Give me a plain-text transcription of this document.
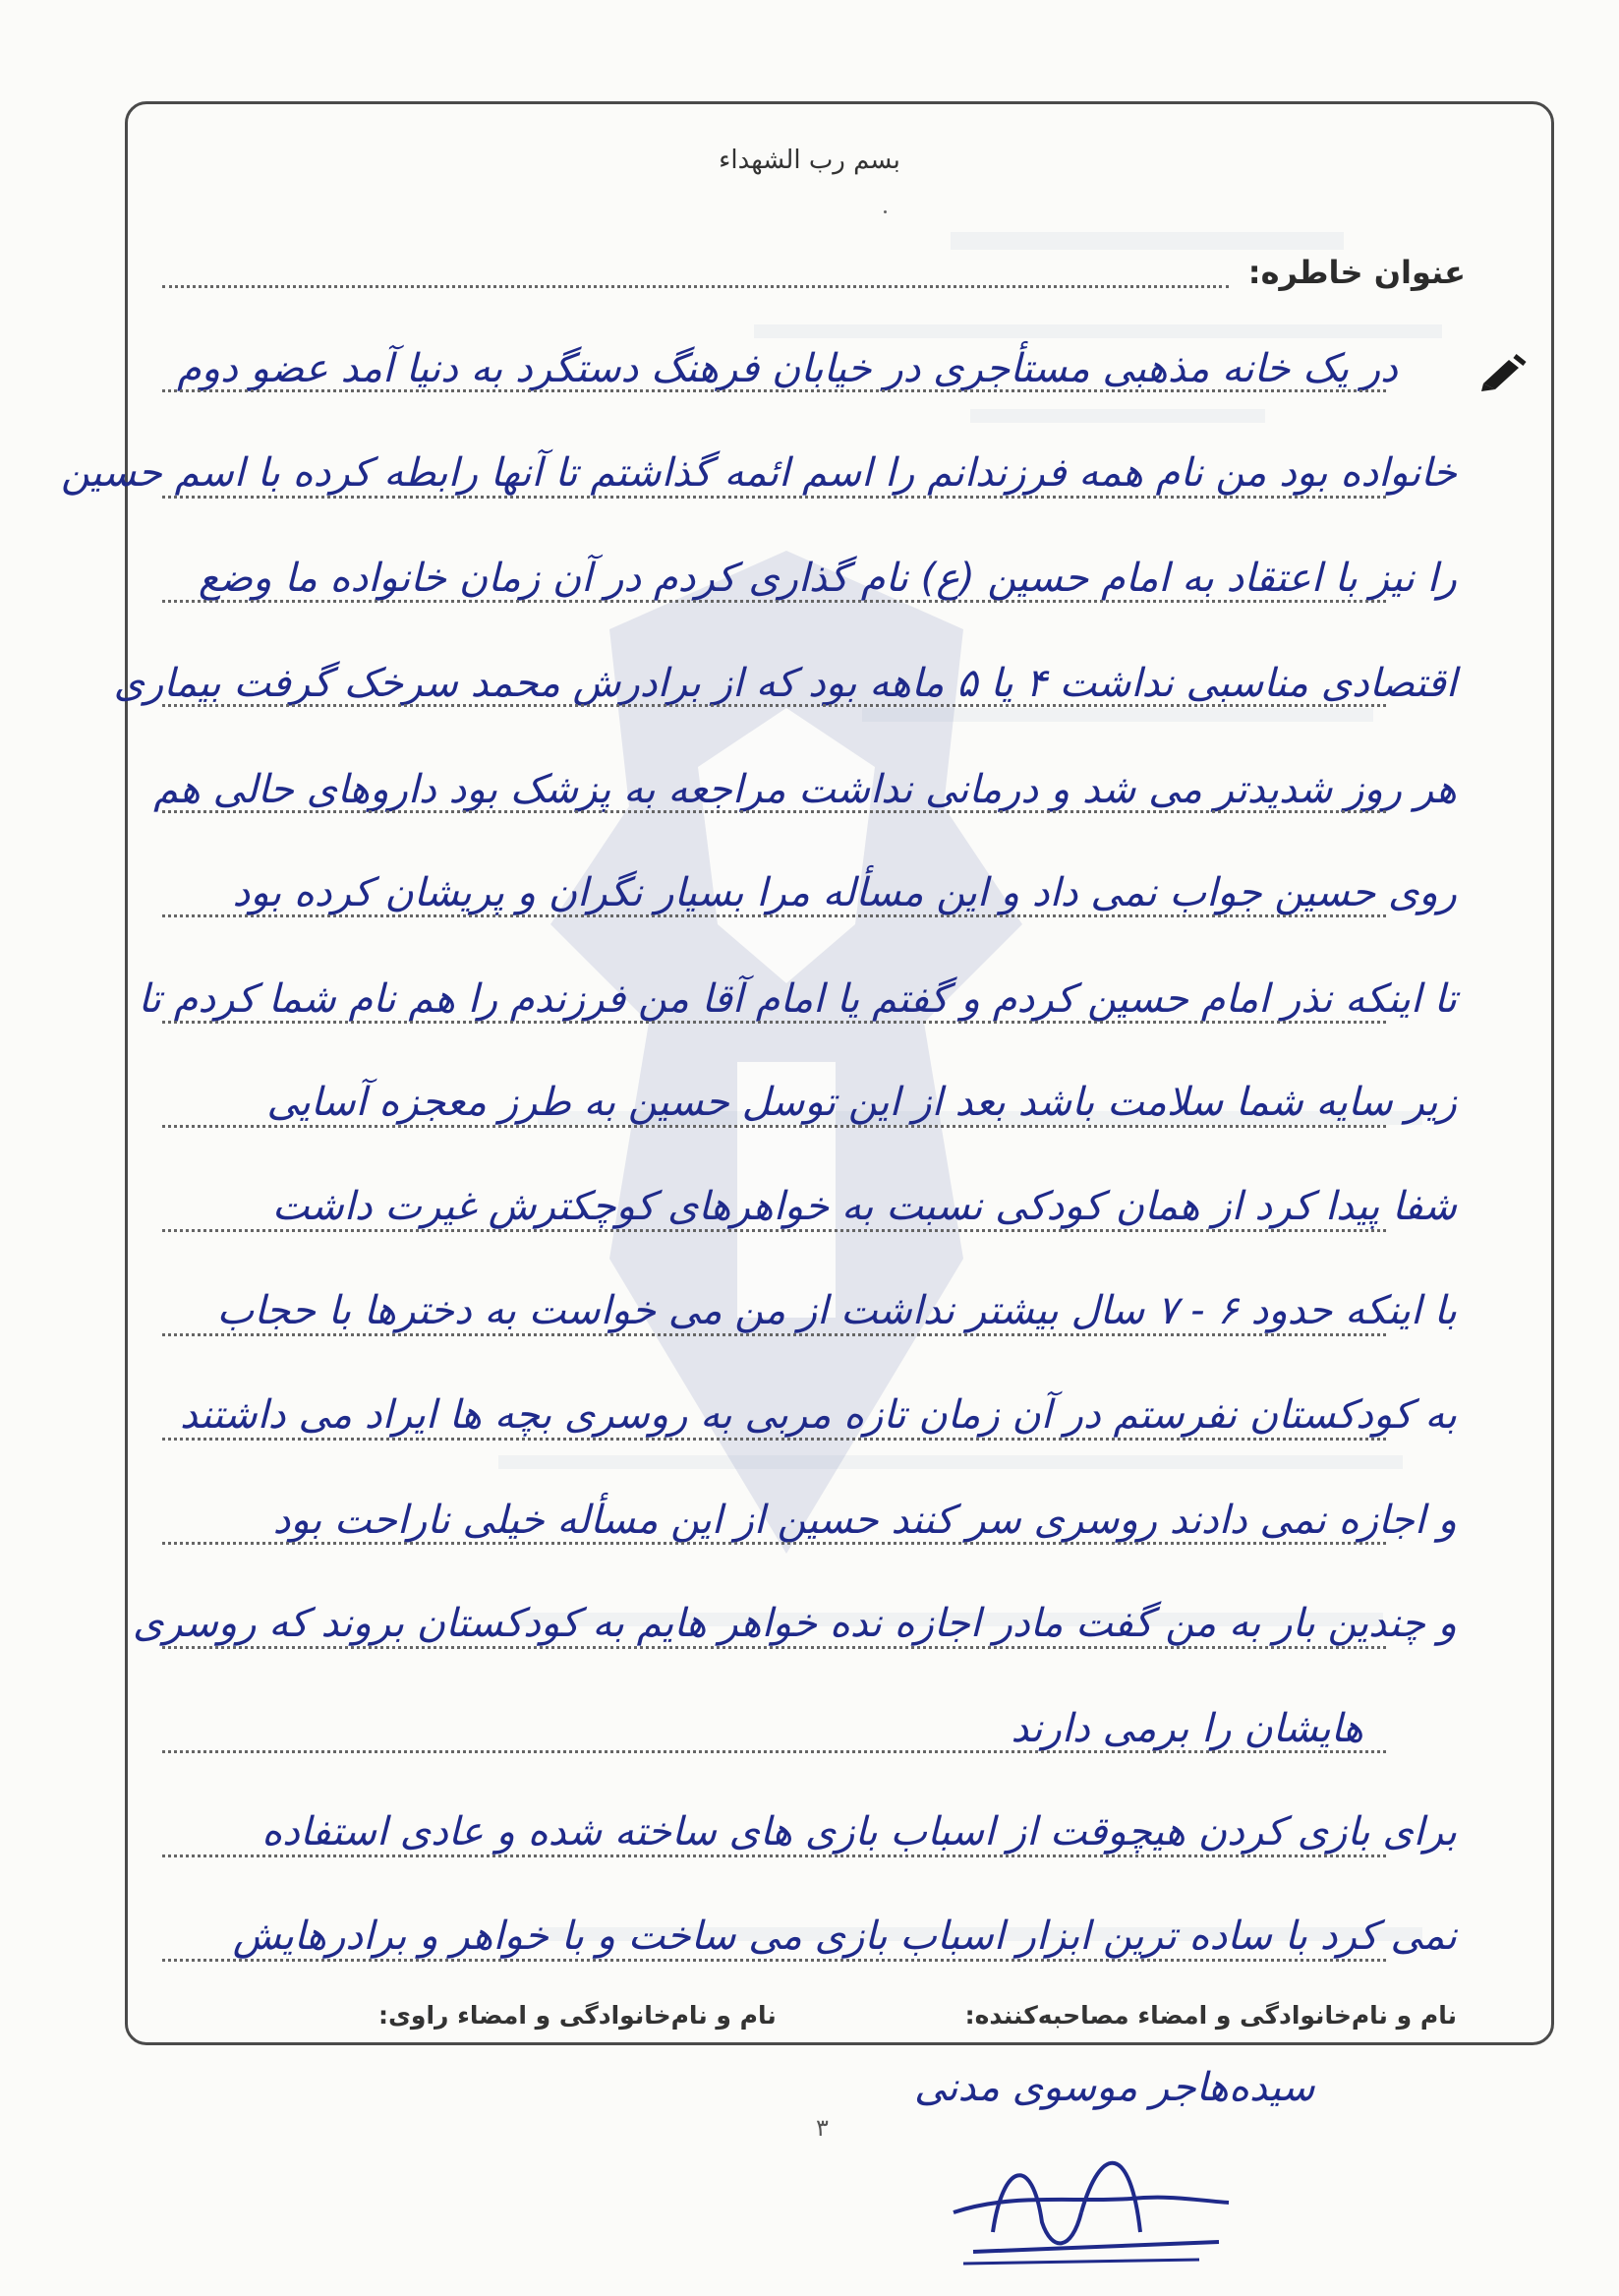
بسم رب الشهداء
عنوان خاطره:
در یک خانه مذهبی مستأجری در خیابان فرهنگ دستگرد به دنیا آمد عضو دوم
خانواده بود من نام همه فرزندانم را اسم ائمه گذاشتم تا آنها رابطه کرده با اسم حسین
را نیز با اعتقاد به امام حسین (ع) نام گذاری کردم در آن زمان خانواده ما وضع
اقتصادی مناسبی نداشت ۴ یا ۵ ماهه بود که از برادرش محمد سرخک گرفت بیماری
هر روز شدیدتر می شد و درمانی نداشت مراجعه به پزشک بود داروهای حالی هم
روی حسین جواب نمی داد و این مسأله مرا بسیار نگران و پریشان کرده بود
تا اینکه نذر امام حسین کردم و گفتم یا امام آقا من فرزندم را هم نام شما کردم تا
زیر سایه شما سلامت باشد بعد از این توسل حسین به طرز معجزه آسایی
شفا پیدا کرد از همان کودکی نسبت به خواهرهای کوچکترش غیرت داشت
با اینکه حدود ۶ - ۷ سال بیشتر نداشت از من می خواست به دخترها با حجاب
به کودکستان نفرستم در آن زمان تازه مربی به روسری بچه ها ایراد می داشتند
و اجازه نمی دادند روسری سر کنند حسین از این مسأله خیلی ناراحت بود
و چندین بار به من گفت مادر اجازه نده خواهر هایم به کودکستان بروند که روسری
هایشان را برمی دارند
برای بازی کردن هیچوقت از اسباب بازی های ساخته شده و عادی استفاده
نمی کرد با ساده ترین ابزار اسباب بازی می ساخت و با خواهر و برادرهایش
نام و نام‌خانوادگی و امضاء مصاحبه‌کننده:
نام و نام‌خانوادگی و امضاء راوی:
سیده‌هاجر موسوی مدنی
۳
